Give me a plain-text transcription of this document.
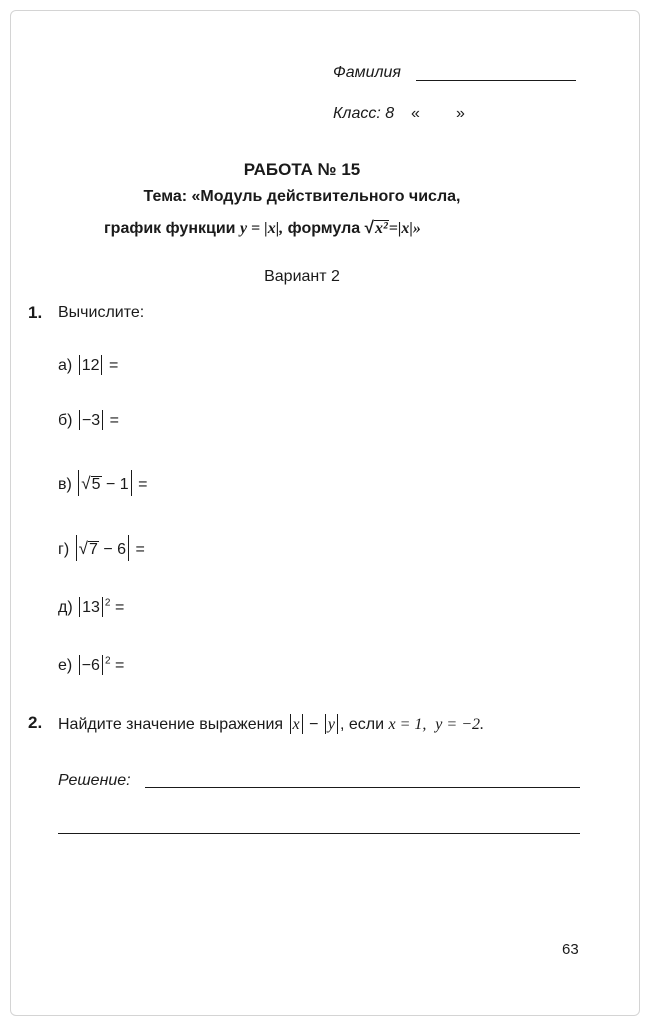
Фамилия
Класс: 8 « »
РАБОТА № 15
Тема: «Модуль действительного числа,
график функции y = |x|, формула √x²=|x|»
Вариант 2
1. Вычислите:
а) 12 =
б) −3 =
в) √5 − 1 =
г) √7 − 6 =
д) 13 $^2$ =
е) −6 $^2$ =
2. Найдите значение выражения x − y , если x = 1, y = −2.
Решение:
63
